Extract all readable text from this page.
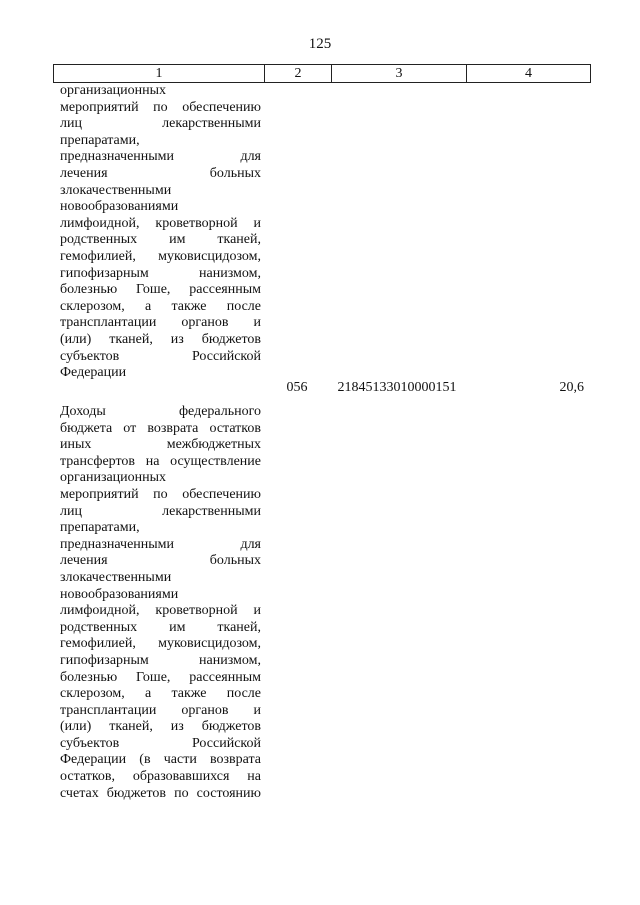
125
1	2	3	4
организационных
мероприятий по обеспечению
лиц лекарственными
препаратами,
предназначенными для
лечения больных
злокачественными
новообразованиями
лимфоидной, кроветворной и
родственных им тканей,
гемофилией, муковисцидозом,
гипофизарным нанизмом,
болезнью Гоше, рассеянным
склерозом, а также после
трансплантации органов и
(или) тканей, из бюджетов
субъектов Российской
Федерации
056	21845133010000151	20,6
Доходы федерального
бюджета от возврата остатков
иных межбюджетных
трансфертов на осуществление
организационных
мероприятий по обеспечению
лиц лекарственными
препаратами,
предназначенными для
лечения больных
злокачественными
новообразованиями
лимфоидной, кроветворной и
родственных им тканей,
гемофилией, муковисцидозом,
гипофизарным нанизмом,
болезнью Гоше, рассеянным
склерозом, а также после
трансплантации органов и
(или) тканей, из бюджетов
субъектов Российской
Федерации (в части возврата
остатков, образовавшихся на
счетах бюджетов по состоянию
